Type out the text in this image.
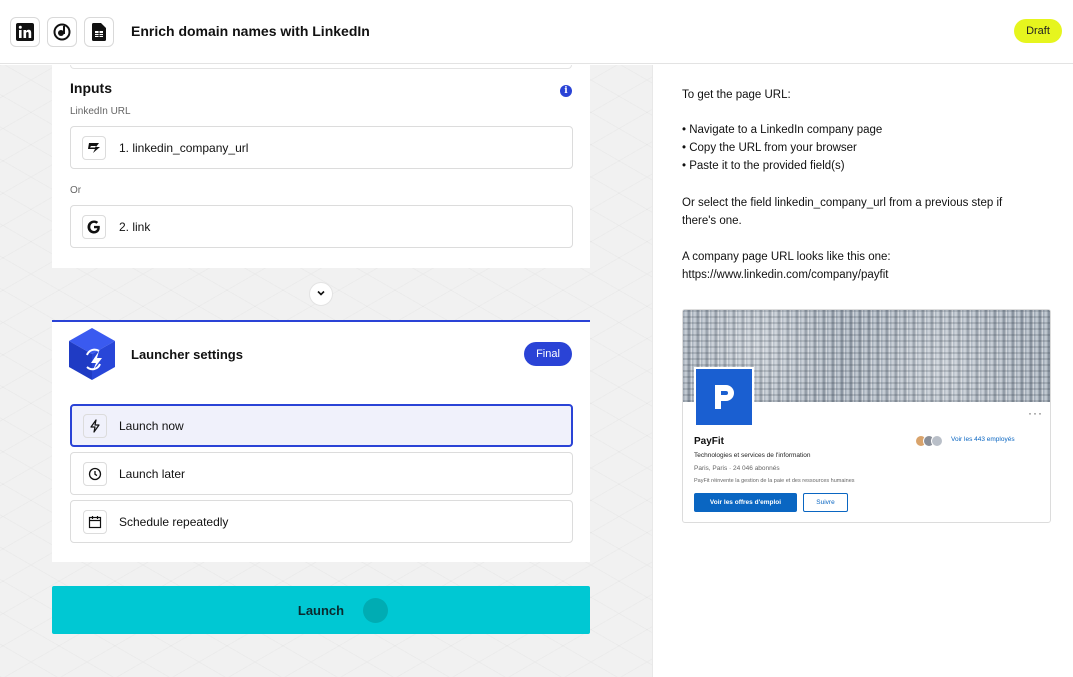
Enrich domain names with LinkedIn	Draft
Inputs	i
LinkedIn URL
1. linkedin_company_url
Or
2. link
Launcher settings	Final
Launch now
Launch later
Schedule repeatedly
Launch
To get the page URL:
• Navigate to a LinkedIn company page
• Copy the URL from your browser
• Paste it to the provided field(s)
Or select the field linkedin_company_url from a previous step if
there's one.
A company page URL looks like this one:
https://www.linkedin.com/company/payfit
···
PayFit
Technologies et services de l'information
Paris, Paris · 24 046 abonnés
PayFit réinvente la gestion de la paie et des ressources humaines
Voir les 443 employés
Voir les offres d'emploi	Suivre
